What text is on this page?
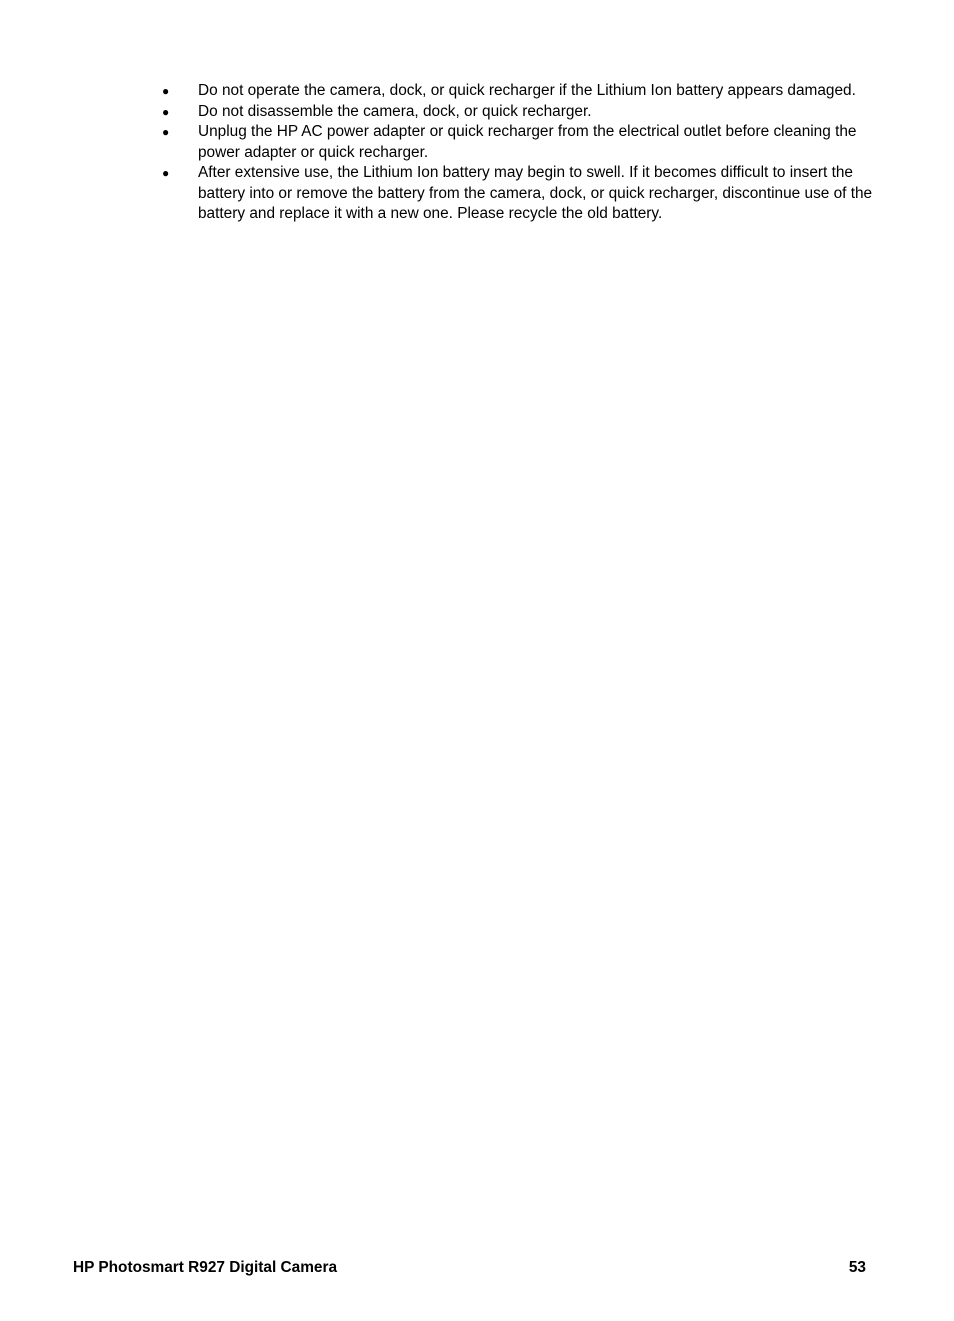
● Do not operate the camera, dock, or quick recharger if the Lithium Ion battery appears damaged.
● Do not disassemble the camera, dock, or quick recharger.
● Unplug the HP AC power adapter or quick recharger from the electrical outlet before cleaning the power adapter or quick recharger.
● After extensive use, the Lithium Ion battery may begin to swell. If it becomes difficult to insert the battery into or remove the battery from the camera, dock, or quick recharger, discontinue use of the battery and replace it with a new one. Please recycle the old battery.
HP Photosmart R927 Digital Camera	53
